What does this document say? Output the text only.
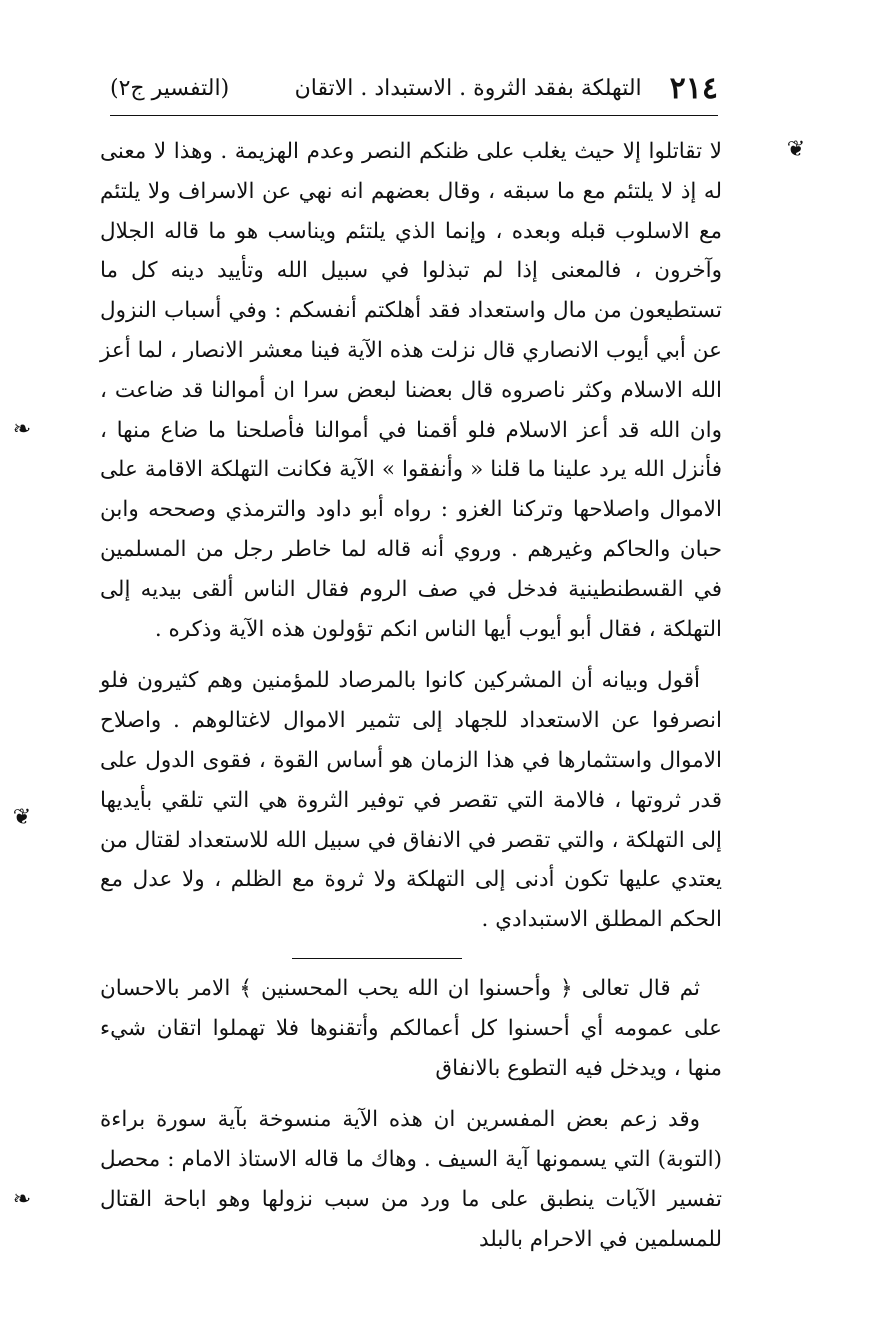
٢١٤
التهلكة بفقد الثروة . الاستبداد . الاتقان
(التفسير ج٢)

لا تقاتلوا إلا حيث يغلب على ظنكم النصر وعدم الهزيمة . وهذا لا معنى له إذ لا يلتئم مع ما سبقه ، وقال بعضهم انه نهي عن الاسراف ولا يلتئم مع الاسلوب قبله وبعده ، وإنما الذي يلتئم ويناسب هو ما قاله الجلال وآخرون ، فالمعنى إذا لم تبذلوا في سبيل الله وتأييد دينه كل ما تستطيعون من مال واستعداد فقد أهلكتم أنفسكم : وفي أسباب النزول عن أبي أيوب الانصاري قال نزلت هذه الآية فينا معشر الانصار ، لما أعز الله الاسلام وكثر ناصروه قال بعضنا لبعض سرا ان أموالنا قد ضاعت ، وان الله قد أعز الاسلام فلو أقمنا في أموالنا فأصلحنا ما ضاع منها ، فأنزل الله يرد علينا ما قلنا « وأنفقوا » الآية فكانت التهلكة الاقامة على الاموال واصلاحها وتركنا الغزو : رواه أبو داود والترمذي وصححه وابن حبان والحاكم وغيرهم . وروي أنه قاله لما خاطر رجل من المسلمين في القسطنطينية فدخل في صف الروم فقال الناس ألقى بيديه إلى التهلكة ، فقال أبو أيوب أيها الناس انكم تؤولون هذه الآية وذكره .

أقول وبيانه أن المشركين كانوا بالمرصاد للمؤمنين وهم كثيرون فلو انصرفوا عن الاستعداد للجهاد إلى تثمير الاموال لاغتالوهم . واصلاح الاموال واستثمارها في هذا الزمان هو أساس القوة ، فقوى الدول على قدر ثروتها ، فالامة التي تقصر في توفير الثروة هي التي تلقي بأيديها إلى التهلكة ، والتي تقصر في الانفاق في سبيل الله للاستعداد لقتال من يعتدي عليها تكون أدنى إلى التهلكة ولا ثروة مع الظلم ، ولا عدل مع الحكم المطلق الاستبدادي .

ثم قال تعالى ﴿ وأحسنوا ان الله يحب المحسنين ﴾ الامر بالاحسان على عمومه أي أحسنوا كل أعمالكم وأتقنوها فلا تهملوا اتقان شيء منها ، ويدخل فيه التطوع بالانفاق

وقد زعم بعض المفسرين ان هذه الآية منسوخة بآية سورة براءة (التوبة) التي يسمونها آية السيف . وهاك ما قاله الاستاذ الامام : محصل تفسير الآيات ينطبق على ما ورد من سبب نزولها وهو اباحة القتال للمسلمين في الاحرام بالبلد

❦
❧
❦
❧
